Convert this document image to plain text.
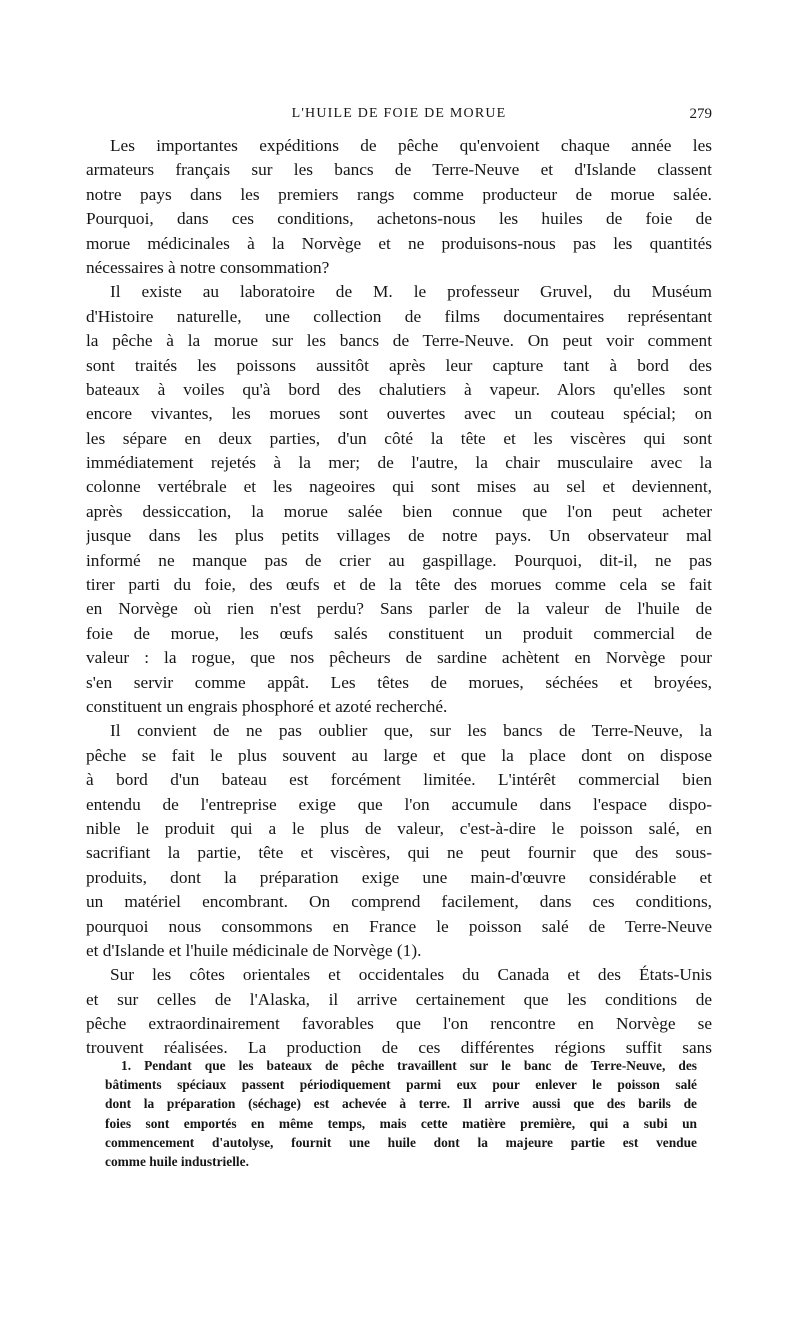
L'HUILE DE FOIE DE MORUE	279
Les importantes expéditions de pêche qu'envoient chaque année les
armateurs français sur les bancs de Terre-Neuve et d'Islande classent
notre pays dans les premiers rangs comme producteur de morue salée.
Pourquoi, dans ces conditions, achetons-nous les huiles de foie de
morue médicinales à la Norvège et ne produisons-nous pas les quantités
nécessaires à notre consommation?
Il existe au laboratoire de M. le professeur Gruvel, du Muséum
d'Histoire naturelle, une collection de films documentaires représentant
la pêche à la morue sur les bancs de Terre-Neuve. On peut voir comment
sont traités les poissons aussitôt après leur capture tant à bord des
bateaux à voiles qu'à bord des chalutiers à vapeur. Alors qu'elles sont
encore vivantes, les morues sont ouvertes avec un couteau spécial; on
les sépare en deux parties, d'un côté la tête et les viscères qui sont
immédiatement rejetés à la mer; de l'autre, la chair musculaire avec la
colonne vertébrale et les nageoires qui sont mises au sel et deviennent,
après dessiccation, la morue salée bien connue que l'on peut acheter
jusque dans les plus petits villages de notre pays. Un observateur mal
informé ne manque pas de crier au gaspillage. Pourquoi, dit-il, ne pas
tirer parti du foie, des œufs et de la tête des morues comme cela se fait
en Norvège où rien n'est perdu? Sans parler de la valeur de l'huile de
foie de morue, les œufs salés constituent un produit commercial de
valeur : la rogue, que nos pêcheurs de sardine achètent en Norvège pour
s'en servir comme appât. Les têtes de morues, séchées et broyées,
constituent un engrais phosphoré et azoté recherché.
Il convient de ne pas oublier que, sur les bancs de Terre-Neuve, la
pêche se fait le plus souvent au large et que la place dont on dispose
à bord d'un bateau est forcément limitée. L'intérêt commercial bien
entendu de l'entreprise exige que l'on accumule dans l'espace dispo-
nible le produit qui a le plus de valeur, c'est-à-dire le poisson salé, en
sacrifiant la partie, tête et viscères, qui ne peut fournir que des sous-
produits, dont la préparation exige une main-d'œuvre considérable et
un matériel encombrant. On comprend facilement, dans ces conditions,
pourquoi nous consommons en France le poisson salé de Terre-Neuve
et d'Islande et l'huile médicinale de Norvège (1).
Sur les côtes orientales et occidentales du Canada et des États-Unis
et sur celles de l'Alaska, il arrive certainement que les conditions de
pêche extraordinairement favorables que l'on rencontre en Norvège se
trouvent réalisées. La production de ces différentes régions suffit sans
1. Pendant que les bateaux de pêche travaillent sur le banc de Terre-Neuve, des
bâtiments spéciaux passent périodiquement parmi eux pour enlever le poisson salé
dont la préparation (séchage) est achevée à terre. Il arrive aussi que des barils de
foies sont emportés en même temps, mais cette matière première, qui a subi un
commencement d'autolyse, fournit une huile dont la majeure partie est vendue
comme huile industrielle.
